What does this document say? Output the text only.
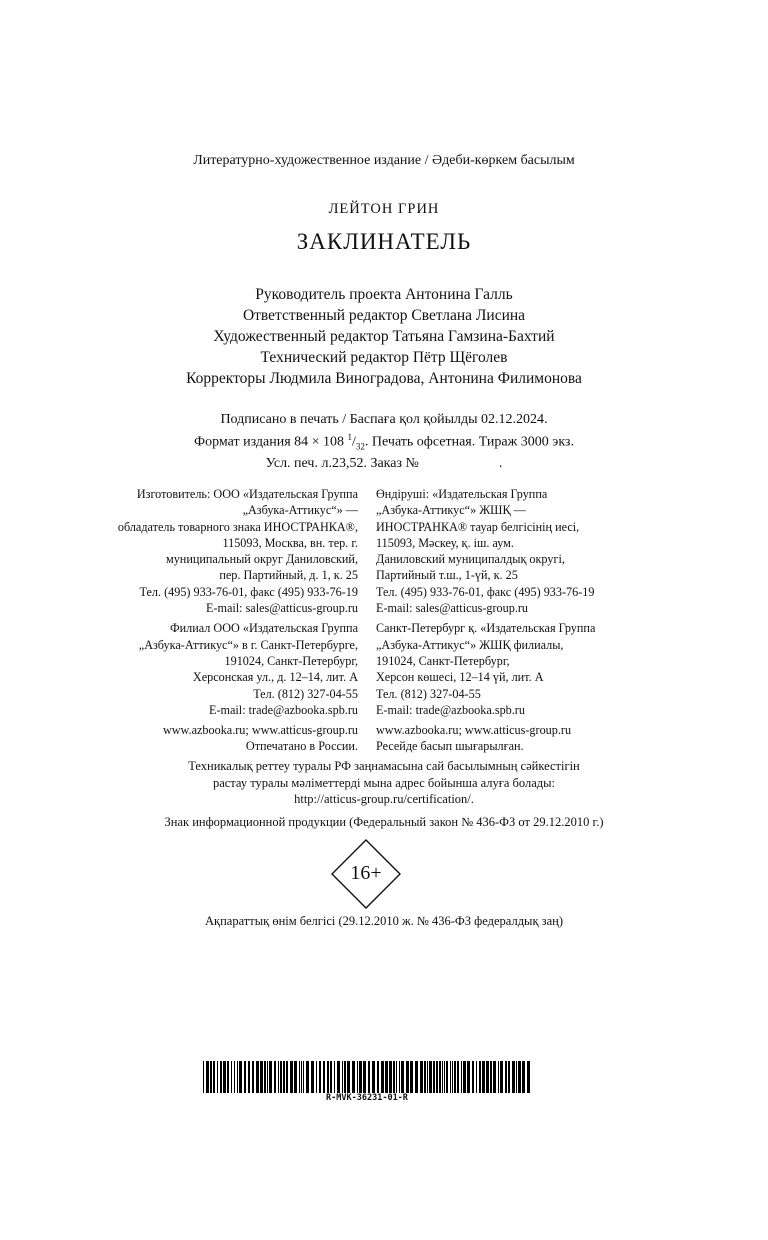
Литературно-художественное издание / Әдеби-көркем басылым
ЛЕЙТОН ГРИН
ЗАКЛИНАТЕЛЬ
Руководитель проекта Антонина Галль
Ответственный редактор Светлана Лисина
Художественный редактор Татьяна Гамзина-Бахтий
Технический редактор Пётр Щёголев
Корректоры Людмила Виноградова, Антонина Филимонова
Подписано в печать / Баспаға қол қойылды 02.12.2024.
Формат издания 84 × 108 $^1/_{32}$. Печать офсетная. Тираж 3000 экз.
Усл. печ. л.23,52. Заказ №	.
Изготовитель: ООО «Издательская Группа
„Азбука-Аттикус“» —
обладатель товарного знака ИНОСТРАНКА®,
115093, Москва, вн. тер. г.
муниципальный округ Даниловский,
пер. Партийный, д. 1, к. 25
Тел. (495) 933-76-01, факс (495) 933-76-19
E-mail: sales@atticus-group.ru
Филиал ООО «Издательская Группа
„Азбука-Аттикус“» в г. Санкт-Петербурге,
191024, Санкт-Петербург,
Херсонская ул., д. 12–14, лит. А
Тел. (812) 327-04-55
E-mail: trade@azbooka.spb.ru
www.azbooka.ru; www.atticus-group.ru
Отпечатано в России.
Өндіруші: «Издательская Группа
„Азбука-Аттикус“» ЖШҚ —
ИНОСТРАНКА® тауар белгісінің иесі,
115093, Мәскеу, қ. іш. аум.
Даниловский муниципалдық округі,
Партийный т.ш., 1-үй, к. 25
Тел. (495) 933-76-01, факс (495) 933-76-19
E-mail: sales@atticus-group.ru
Санкт-Петербург қ. «Издательская Группа
„Азбука-Аттикус“» ЖШҚ филиалы,
191024, Санкт-Петербург,
Херсон көшесі, 12–14 үй, лит. А
Тел. (812) 327-04-55
E-mail: trade@azbooka.spb.ru
www.azbooka.ru; www.atticus-group.ru
Ресейде басып шығарылған.
Техникалық реттеу туралы РФ заңнамасына сай басылымның сәйкестігін
растау туралы мәліметтерді мына адрес бойынша алуға болады:
http://atticus-group.ru/certification/.
Знак информационной продукции (Федеральный закон № 436-ФЗ от 29.12.2010 г.)
16+
Ақпараттық өнім белгісі (29.12.2010 ж. № 436-ФЗ федералдық заң)
R-MVK-36231-01-R
